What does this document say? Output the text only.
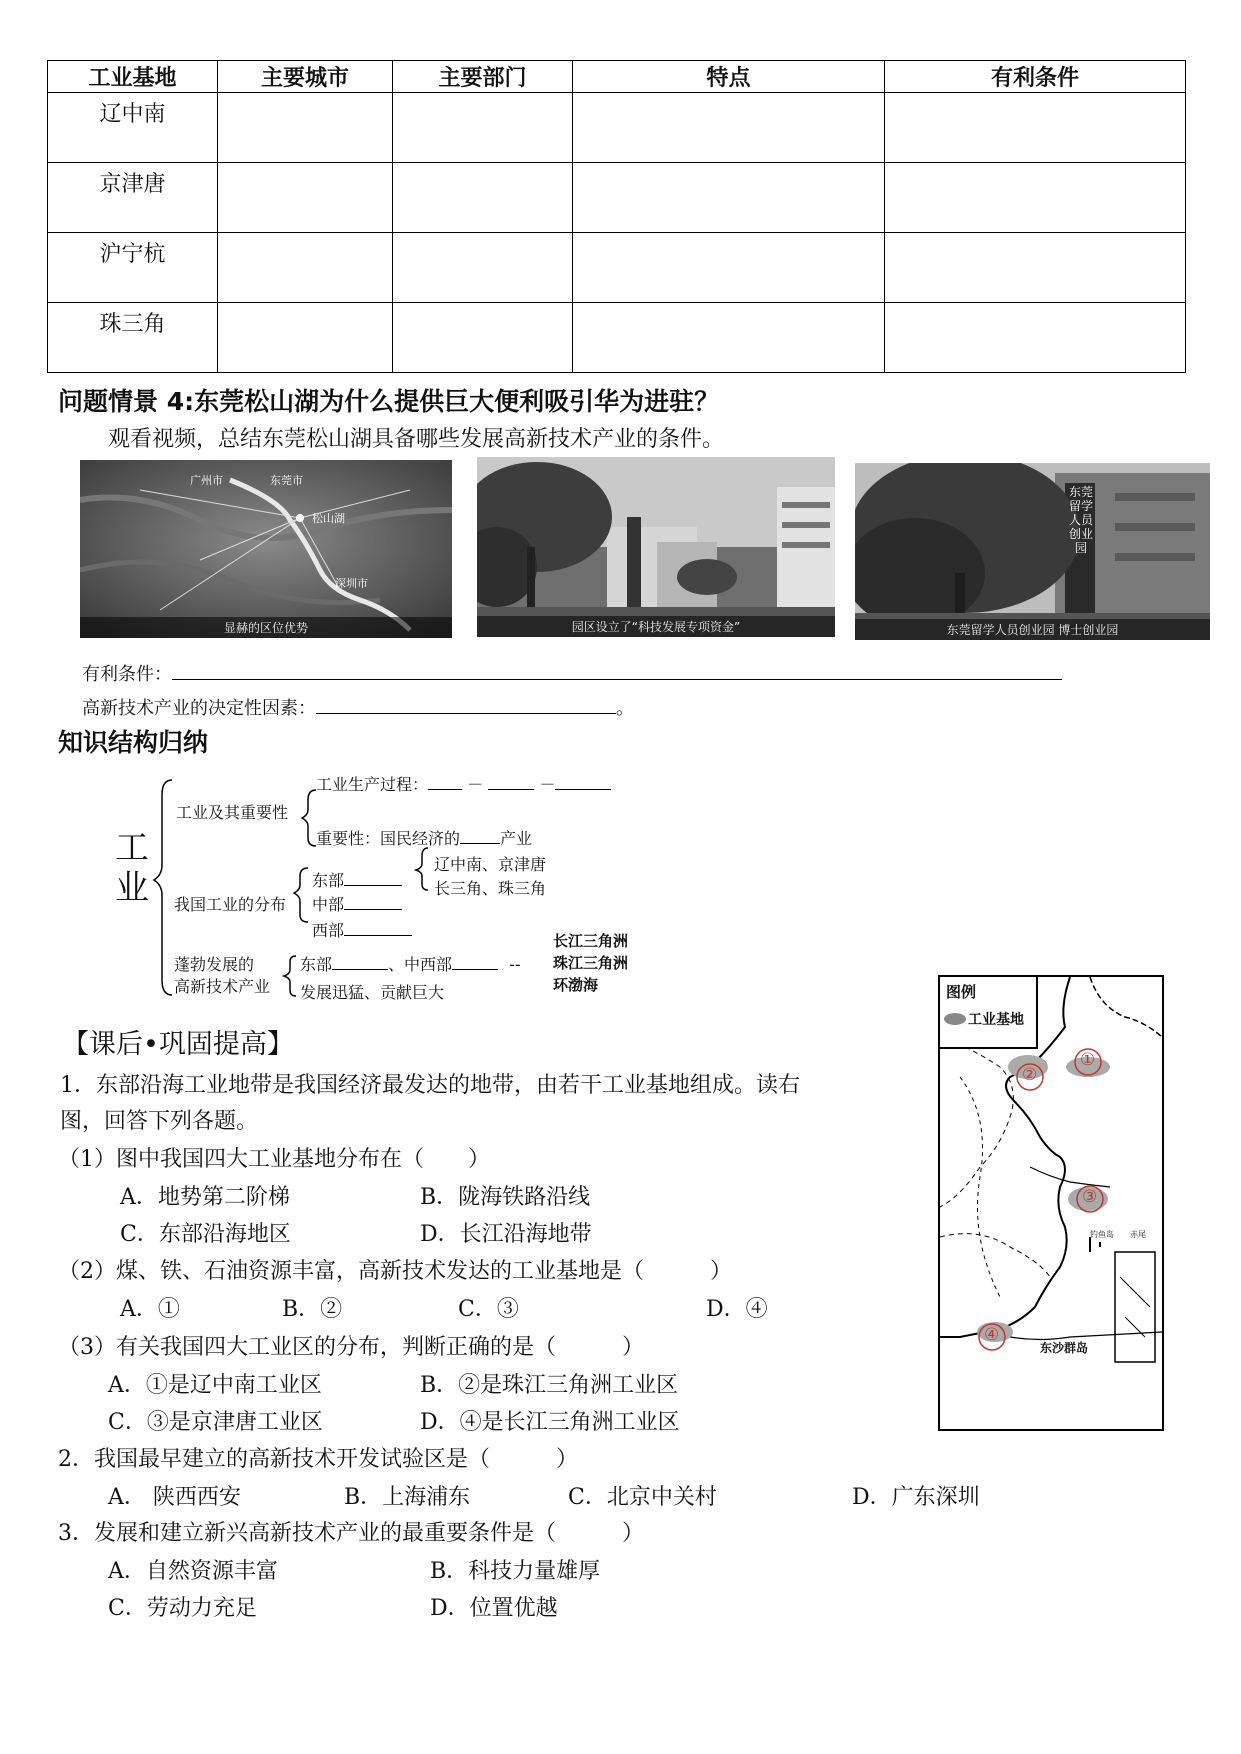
工业基地	主要城市	主要部门	特点	有利条件
辽中南				
京津唐				
沪宁杭				
珠三角				
问题情景 4:东莞松山湖为什么提供巨大便利吸引华为进驻？
观看视频，总结东莞松山湖具备哪些发展高新技术产业的条件。
广州市	东莞市
松山湖
深圳市
显赫的区位优势	园区设立了“科技发展专项资金”
东莞留学人员创业园
东莞留学人员创业园 博士创业园
有利条件：
高新技术产业的决定性因素：	。
知识结构归纳
工业
工业及其重要性
工业生产过程： －	－
重要性：国民经济的	产业
我国工业的分布
东部
中部
西部
辽中南、京津唐
长三角、珠三角
蓬勃发展的
高新技术产业
东部	、中西部	--
发展迅猛、贡献巨大
长江三角洲
珠江三角洲
环渤海	图例
工业基地
①
②
③
④
东沙群岛
钓鱼岛 赤尾
【课后•巩固提高】
1．东部沿海工业地带是我国经济最发达的地带，由若干工业基地组成。读右
图，回答下列各题。
（1）图中我国四大工业基地分布在（　　）
A．地势第二阶梯	B．陇海铁路沿线
C．东部沿海地区	D．长江沿海地带
（2）煤、铁、石油资源丰富，高新技术发达的工业基地是（　　　）
A．①	B．②	C．③	D．④
（3）有关我国四大工业区的分布，判断正确的是（　　　）
A．①是辽中南工业区	B．②是珠江三角洲工业区
C．③是京津唐工业区	D．④是长江三角洲工业区
2．我国最早建立的高新技术开发试验区是（　　　）
A． 陕西西安	B．上海浦东	C．北京中关村	D．广东深圳
3．发展和建立新兴高新技术产业的最重要条件是（　　　）
A．自然资源丰富	B．科技力量雄厚
C．劳动力充足	D．位置优越
